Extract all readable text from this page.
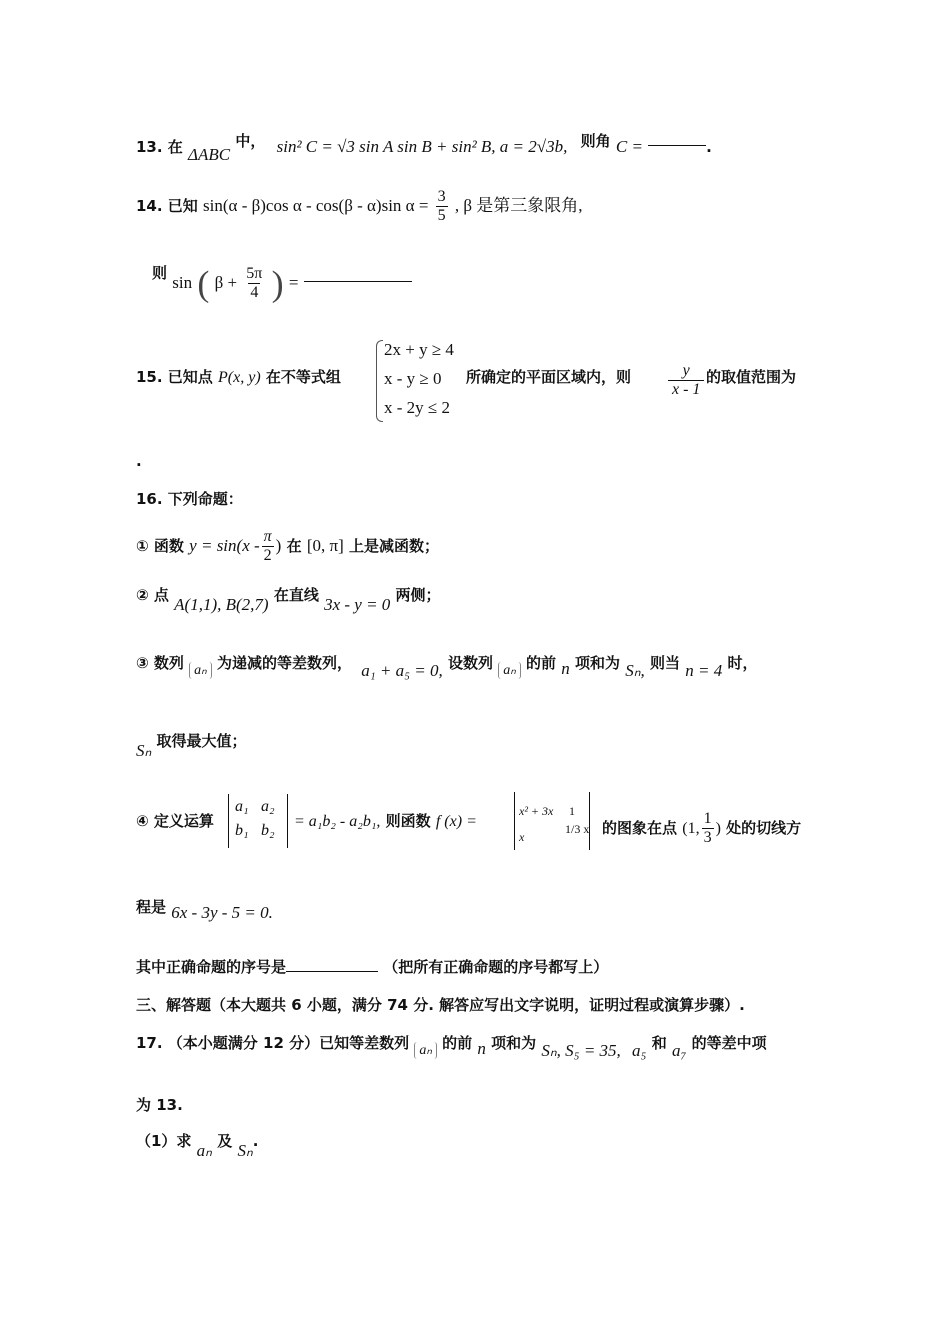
13. 在 ΔABC 中， sin² C = √3 sin A sin B + sin² B, a = 2√3b, 则角 C =	.
14. 已知 sin(α - β)cos α - cos(β - α)sin $\alpha = \frac{3}{5}$ , β 是第三象限角,
则 sin ( $\beta + \frac{5\pi}{4}$ ) =
15. 已知点 P(x, y) 在不等式组
2x + y ≥ 4
x - y ≥ 0
x - 2y ≤ 2
所确定的平面区域内，则 $\frac{y}{x - 1}$ 的取值范围为
.
16. 下列命题：
① 函数 $y = \sin(x - \frac{\pi}{2}$ ) 在 [0, π] 上是减函数；
② 点 A(1,1), B(2,7) 在直线 3x - y = 0 两侧；
③ 数列 aₙ 为递减的等差数列， a₁ + a₅ = 0, 设数列 aₙ 的前 n 项和为 Sₙ, 则当 n = 4 时，
Sₙ 取得最大值；
④ 定义运算
a₁ a₂
b₁ b₂
= a₁b₂ - a₂b₁, 则函数 f (x) =
x² + 3x 1
x
1/3 x 的图象在点 (1, $\frac{1}{3}$ ) 处的切线方
程是 6x - 3y - 5 = 0.
其中正确命题的序号是	（把所有正确命题的序号都写上）
三、解答题（本大题共 6 小题，满分 74 分. 解答应写出文字说明，证明过程或演算步骤）.
17. （本小题满分 12 分）已知等差数列 aₙ 的前 n 项和为 Sₙ, S₅ = 35, a₅ 和 a₇ 的等差中项
为 13.
（1）求 aₙ 及 Sₙ.
